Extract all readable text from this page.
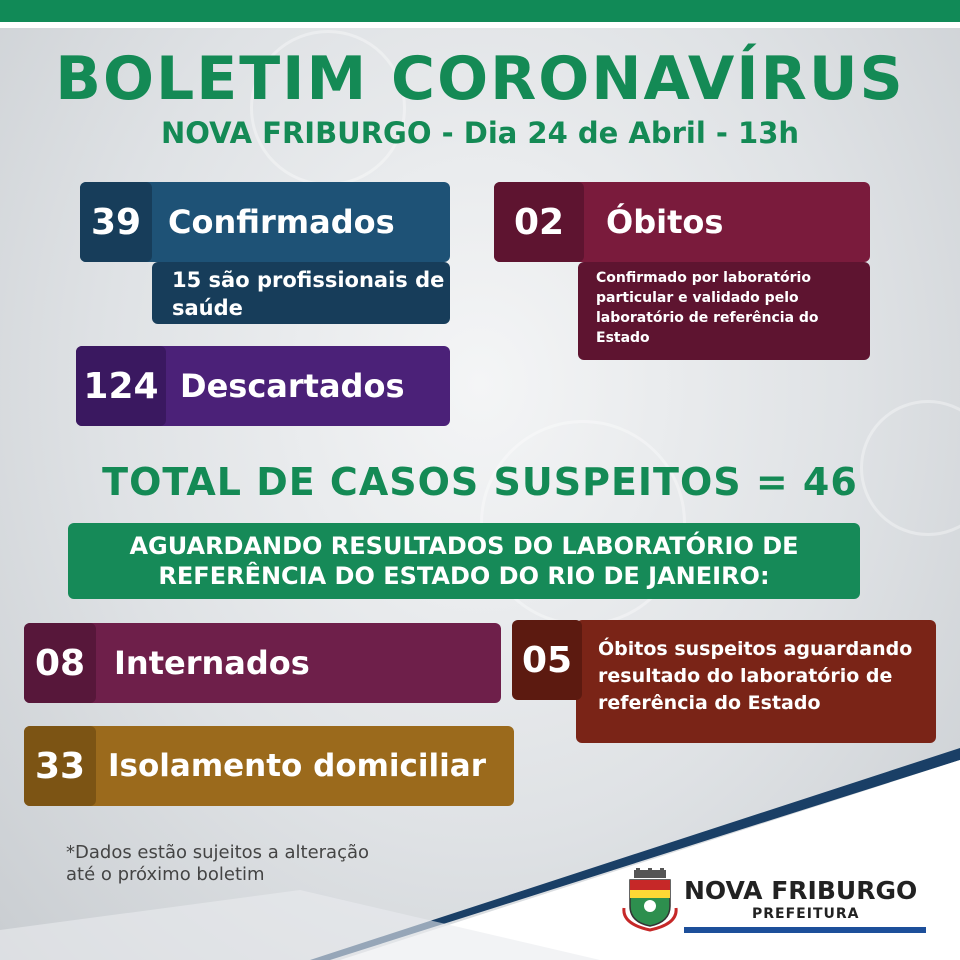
BOLETIM CORONAVÍRUS
NOVA FRIBURGO - Dia 24 de Abril - 13h
39 Confirmados
15 são profissionais de saúde
124 Descartados
02	Óbitos
Confirmado por laboratório particular e validado pelo laboratório de referência do Estado
TOTAL DE CASOS SUSPEITOS = 46
AGUARDANDO RESULTADOS DO LABORATÓRIO DE
REFERÊNCIA DO ESTADO DO RIO DE JANEIRO:
08 Internados
33 Isolamento domiciliar
05 Óbitos suspeitos aguardando resultado do laboratório de referência do Estado
*Dados estão sujeitos a alteração
até o próximo boletim
NOVA FRIBURGO
PREFEITURA
